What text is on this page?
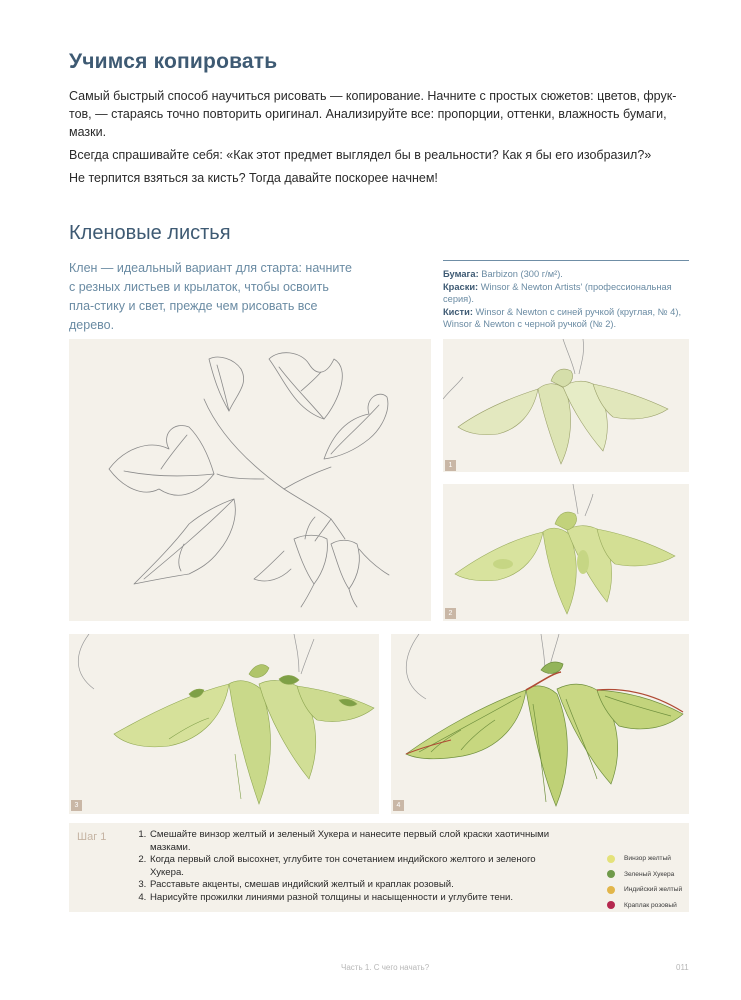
Учимся копировать

Самый быстрый способ научиться рисовать — копирование. Начните с простых сюжетов: цветов, фрук-тов, — стараясь точно повторить оригинал. Анализируйте все: пропорции, оттенки, влажность бумаги, мазки.

Всегда спрашивайте себя: «Как этот предмет выглядел бы в реальности? Как я бы его изобразил?»

Не терпится взяться за кисть? Тогда давайте поскорее начнем!

Кленовые листья

Клен — идеальный вариант для старта: начните с резных листьев и крылаток, чтобы освоить пла-стику и свет, прежде чем рисовать все дерево.

Бумага: Barbizon (300 г/м²).
Краски: Winsor & Newton Artists' (профессиональная серия).
Кисти: Winsor & Newton с синей ручкой (круглая, № 4), Winsor & Newton с черной ручкой (№ 2).
1
2
3	4
Шаг 1
1.	Смешайте винзор желтый и зеленый Хукера и нанесите первый слой краски хаотичными мазками.
2. Когда первый слой высохнет, углубите тон сочетанием индийского желтого и зеленого Хукера.
3. Расставьте акценты, смешав индийский желтый и краплак розовый.
4. Нарисуйте прожилки линиями разной толщины и насыщенности и углубите тени.
Винзор желтый
Зеленый Хукера
Индийский желтый
Краплак розовый
Часть 1. С чего начать?	011
